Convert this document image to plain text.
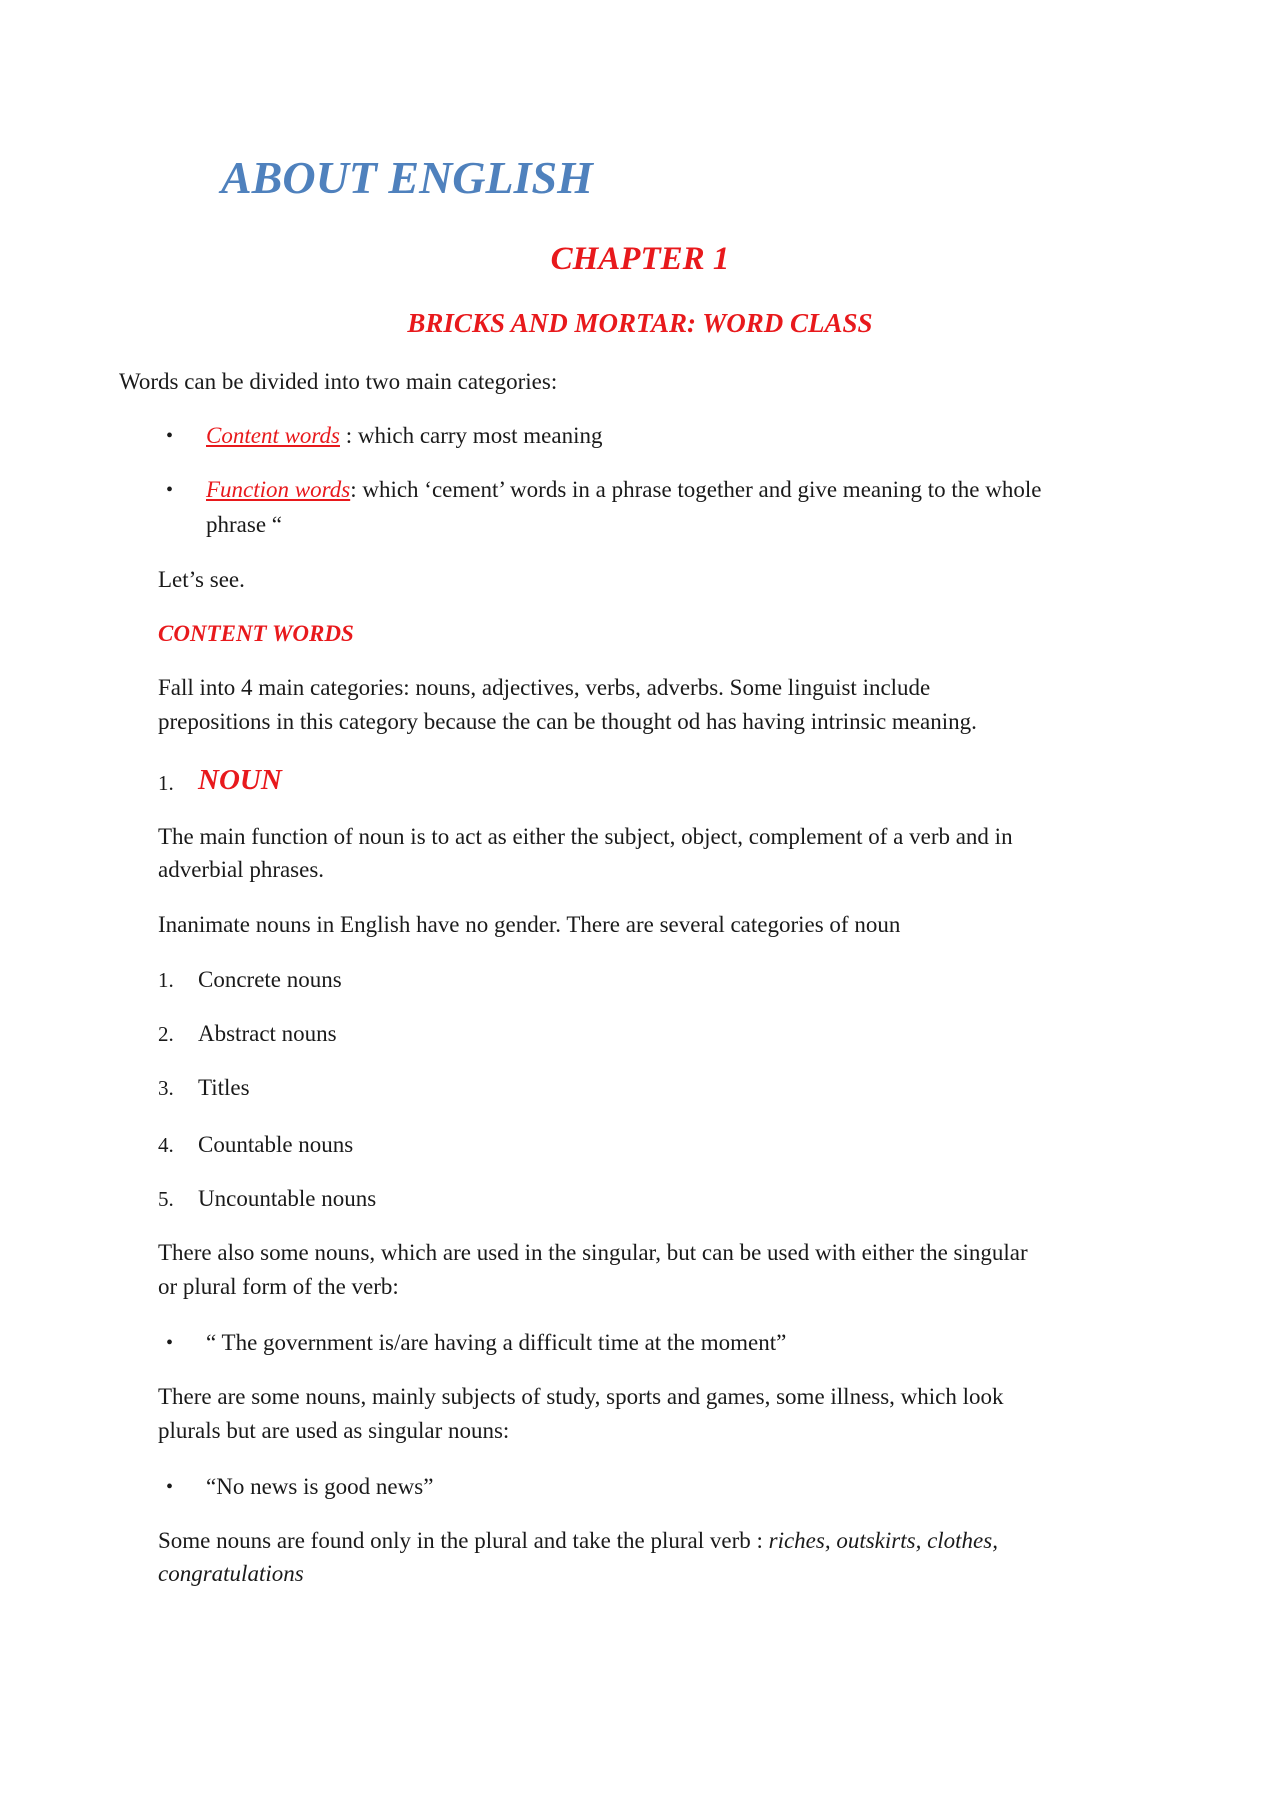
ABOUT ENGLISH
CHAPTER 1
BRICKS AND MORTAR: WORD CLASS
Words can be divided into two main categories:
• Content words : which carry most meaning
• Function words: which ‘cement’ words in a phrase together and give meaning to the whole
phrase “
Let’s see.
CONTENT WORDS
Fall into 4 main categories: nouns, adjectives, verbs, adverbs. Some linguist include
prepositions in this category because the can be thought od has having intrinsic meaning.
1. NOUN
The main function of noun is to act as either the subject, object, complement of a verb and in
adverbial phrases.
Inanimate nouns in English have no gender. There are several categories of noun
1. Concrete nouns
2. Abstract nouns
3. Titles
4. Countable nouns
5. Uncountable nouns
There also some nouns, which are used in the singular, but can be used with either the singular
or plural form of the verb:
• “ The government is/are having a difficult time at the moment”
There are some nouns, mainly subjects of study, sports and games, some illness, which look
plurals but are used as singular nouns:
• “No news is good news”
Some nouns are found only in the plural and take the plural verb : riches, outskirts, clothes,
congratulations
